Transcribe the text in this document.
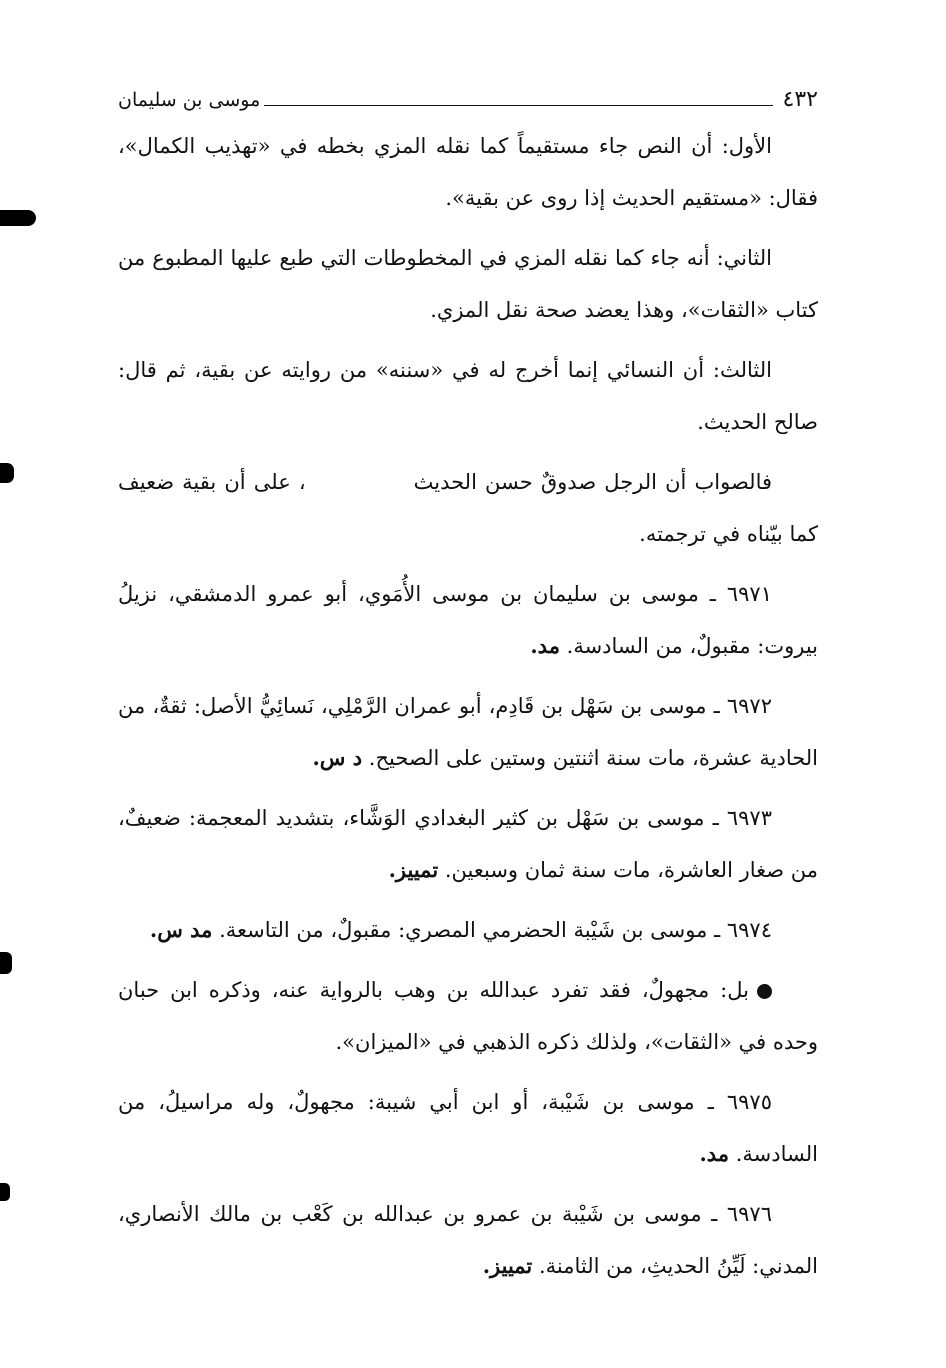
٤٣٢
موسى بن سليمان

الأول: أن النص جاء مستقيماً كما نقله المزي بخطه في «تهذيب الكمال»، فقال: «مستقيم الحديث إذا روى عن بقية».

الثاني: أنه جاء كما نقله المزي في المخطوطات التي طبع عليها المطبوع من كتاب «الثقات»، وهذا يعضد صحة نقل المزي.

الثالث: أن النسائي إنما أخرج له في «سننه» من روايته عن بقية، ثم قال: صالح الحديث.

فالصواب أن الرجل صدوقٌ حسن الحديث، على أن بقية ضعيف كما بيّناه في ترجمته.

٦٩٧١ ـ موسى بن سليمان بن موسى الأُمَوي، أبو عمرو الدمشقي، نزيلُ بيروت: مقبولٌ، من السادسة. مد.

٦٩٧٢ ـ موسى بن سَهْل بن قَادِم، أبو عمران الرَّمْلِي، نَسائِيُّ الأصل: ثقةٌ، من الحادية عشرة، مات سنة اثنتين وستين على الصحيح. د س.

٦٩٧٣ ـ موسى بن سَهْل بن كثير البغدادي الوَشَّاء، بتشديد المعجمة: ضعيفٌ، من صغار العاشرة، مات سنة ثمان وسبعين. تمييز.

٦٩٧٤ ـ موسى بن شَيْبة الحضرمي المصري: مقبولٌ، من التاسعة. مد س.

بل: مجهولٌ، فقد تفرد عبدالله بن وهب بالرواية عنه، وذكره ابن حبان وحده في «الثقات»، ولذلك ذكره الذهبي في «الميزان».

٦٩٧٥ ـ موسى بن شَيْبة، أو ابن أبي شيبة: مجهولٌ، وله مراسيلُ، من السادسة. مد.

٦٩٧٦ ـ موسى بن شَيْبة بن عمرو بن عبدالله بن كَعْب بن مالك الأنصاري، المدني: لَيِّنُ الحديثِ، من الثامنة. تمييز.
